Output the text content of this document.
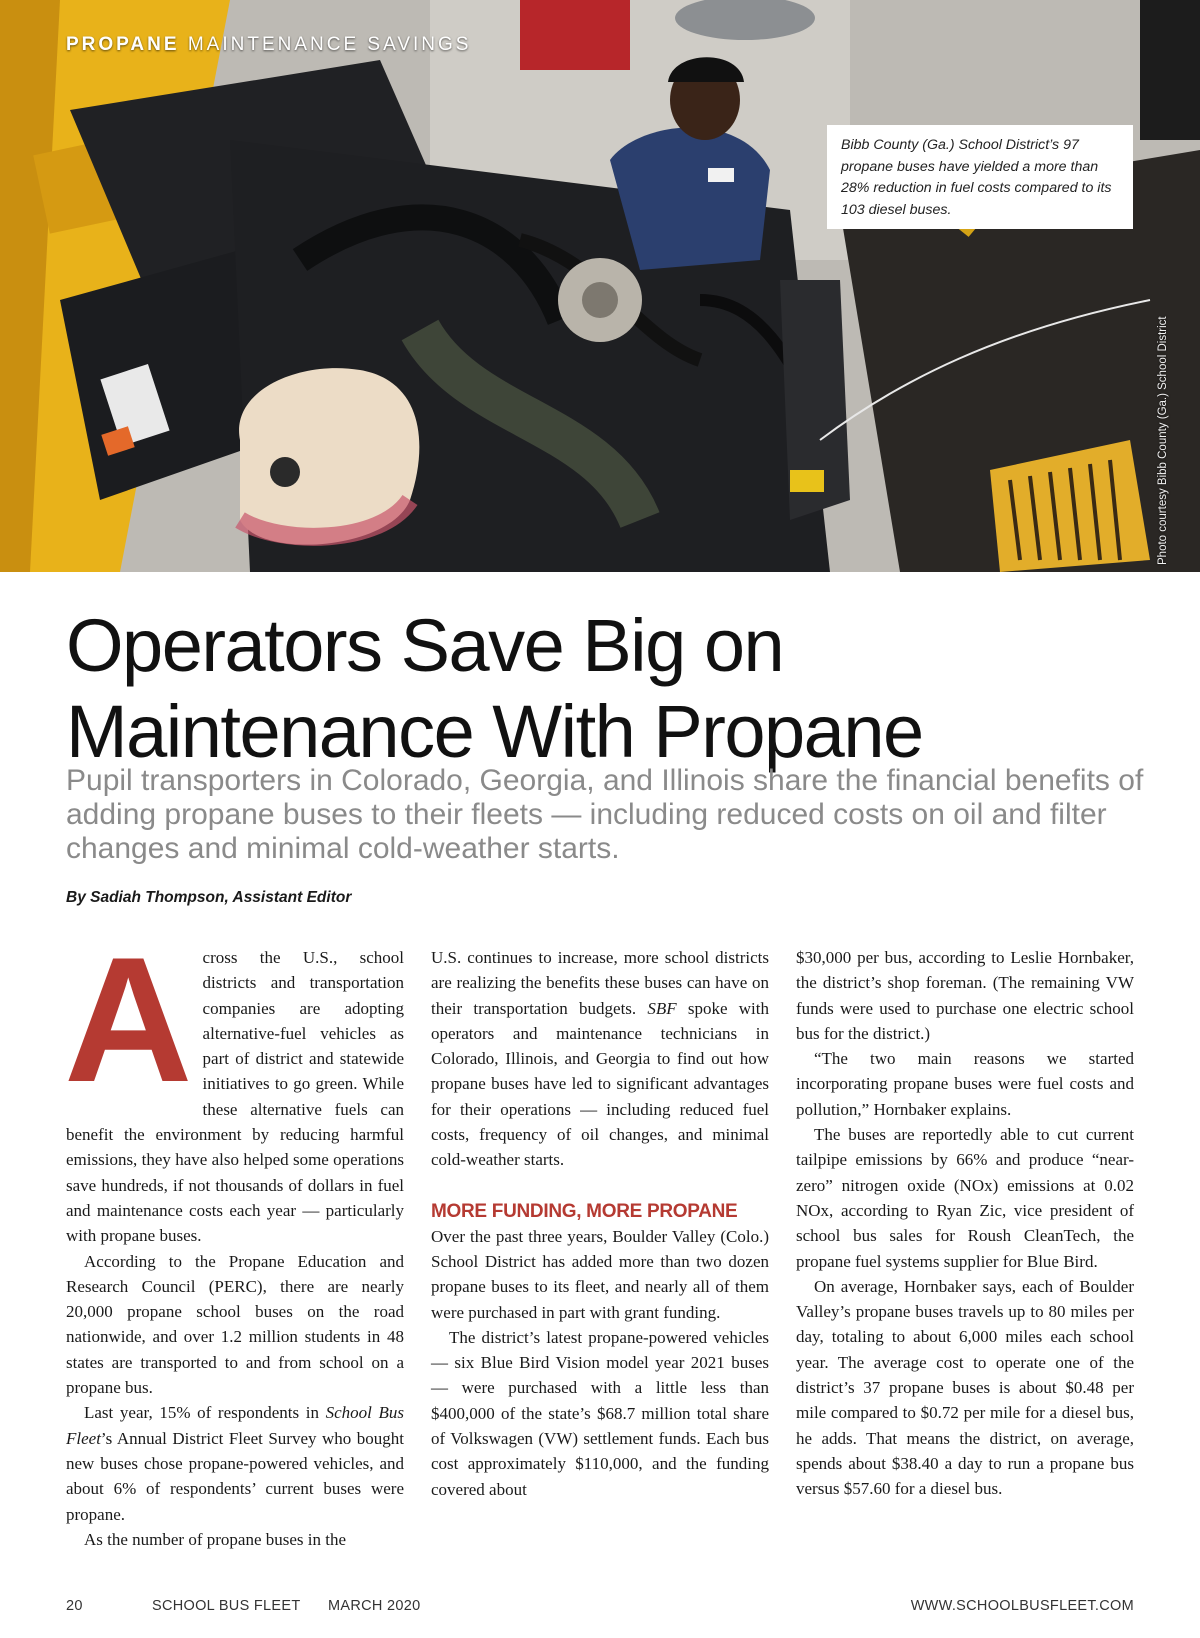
PROPANE MAINTENANCE SAVINGS
Bibb County (Ga.) School District’s 97 propane buses have yielded a more than 28% reduction in fuel costs compared to its 103 diesel buses.
Photo courtesy Bibb County (Ga.) School District
Operators Save Big on Maintenance With Propane

Pupil transporters in Colorado, Georgia, and Illinois share the financial benefits of adding propane buses to their fleets — including reduced costs on oil and filter changes and minimal cold-weather starts.

By Sadiah Thompson, Assistant Editor

Across the U.S., school districts and transportation companies are adopting alternative-fuel vehicles as part of district and statewide initiatives to go green. While these alternative fuels can benefit the environment by reducing harmful emissions, they have also helped some operations save hundreds, if not thousands of dollars in fuel and maintenance costs each year — particularly with propane buses.

According to the Propane Education and Research Council (PERC), there are nearly 20,000 propane school buses on the road nationwide, and over 1.2 million students in 48 states are transported to and from school on a propane bus.

Last year, 15% of respondents in School Bus Fleet’s Annual District Fleet Survey who bought new buses chose propane-powered vehicles, and about 6% of respondents’ current buses were propane.

As the number of propane buses in the

U.S. continues to increase, more school districts are realizing the benefits these buses can have on their transportation budgets. SBF spoke with operators and maintenance technicians in Colorado, Illinois, and Georgia to find out how propane buses have led to significant advantages for their operations — including reduced fuel costs, frequency of oil changes, and minimal cold-weather starts.

MORE FUNDING, MORE PROPANE

Over the past three years, Boulder Valley (Colo.) School District has added more than two dozen propane buses to its fleet, and nearly all of them were purchased in part with grant funding.

The district’s latest propane-powered vehicles — six Blue Bird Vision model year 2021 buses — were purchased with a little less than $400,000 of the state’s $68.7 million total share of Volkswagen (VW) settlement funds. Each bus cost approximately $110,000, and the funding covered about

$30,000 per bus, according to Leslie Hornbaker, the district’s shop foreman. (The remaining VW funds were used to purchase one electric school bus for the district.)

“The two main reasons we started incorporating propane buses were fuel costs and pollution,” Hornbaker explains.

The buses are reportedly able to cut current tailpipe emissions by 66% and produce “near-zero” nitrogen oxide (NOx) emissions at 0.02 NOx, according to Ryan Zic, vice president of school bus sales for Roush CleanTech, the propane fuel systems supplier for Blue Bird.

On average, Hornbaker says, each of Boulder Valley’s propane buses travels up to 80 miles per day, totaling to about 6,000 miles each school year. The average cost to operate one of the district’s 37 propane buses is about $0.48 per mile compared to $0.72 per mile for a diesel bus, he adds. That means the district, on average, spends about $38.40 a day to run a propane bus versus $57.60 for a diesel bus.

20	SCHOOL BUS FLEET MARCH 2020	WWW.SCHOOLBUSFLEET.COM
